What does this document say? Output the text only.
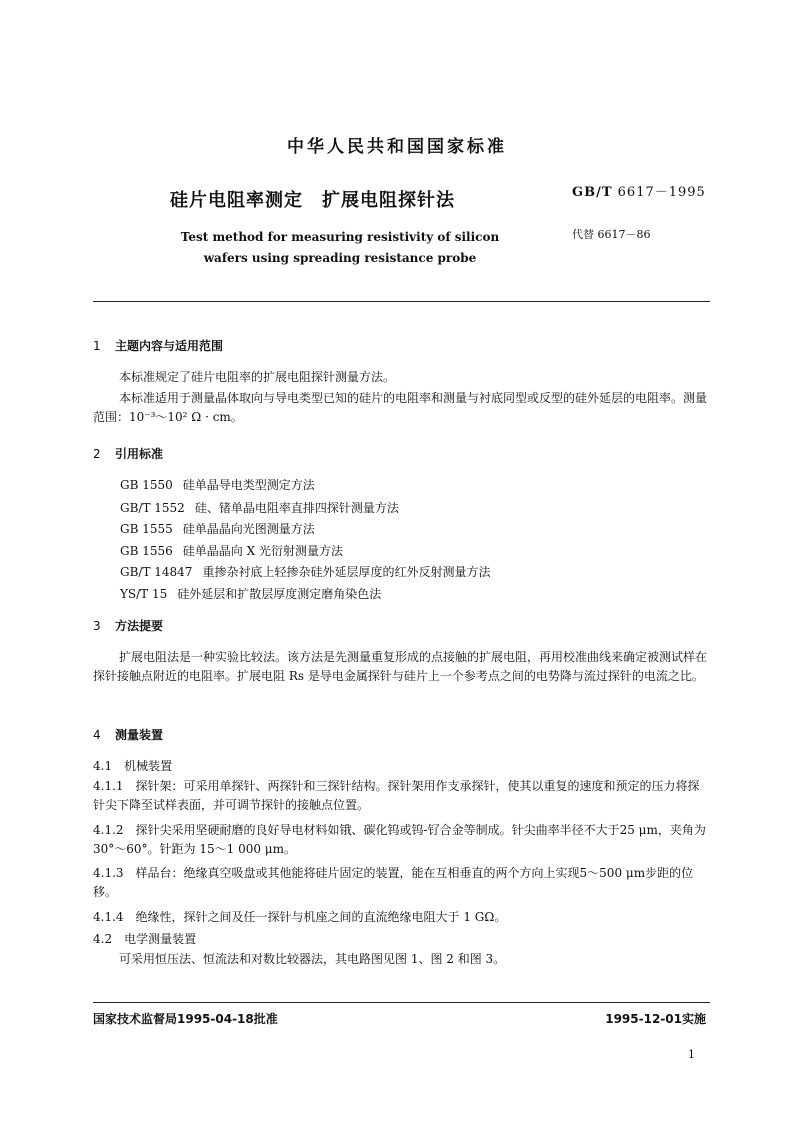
中华人民共和国国家标准
硅片电阻率测定　扩展电阻探针法	GB/T 6617－1995
代替 6617－86
Test method for measuring resistivity of silicon
wafers using spreading resistance probe
1 主题内容与适用范围
本标准规定了硅片电阻率的扩展电阻探针测量方法。
本标准适用于测量晶体取向与导电类型已知的硅片的电阻率和测量与衬底同型或反型的硅外延层的电阻率。测量范围：10⁻³～10² Ω · cm。
2 引用标准
GB 1550 硅单晶导电类型测定方法
GB/T 1552 硅、锗单晶电阻率直排四探针测量方法
GB 1555 硅单晶晶向光图测量方法
GB 1556 硅单晶晶向 X 光衍射测量方法
GB/T 14847 重掺杂衬底上轻掺杂硅外延层厚度的红外反射测量方法
YS/T 15 硅外延层和扩散层厚度测定磨角染色法
3 方法提要
扩展电阻法是一种实验比较法。该方法是先测量重复形成的点接触的扩展电阻，再用校准曲线来确定被测试样在探针接触点附近的电阻率。扩展电阻 Rs 是导电金属探针与硅片上一个参考点之间的电势降与流过探针的电流之比。
4 测量装置
4.1　机械装置
4.1.1　探针架：可采用单探针、两探针和三探针结构。探针架用作支承探针，使其以重复的速度和预定的压力将探针尖下降至试样表面，并可调节探针的接触点位置。
4.1.2　探针尖采用坚硬耐磨的良好导电材料如锇、碳化钨或钨-钌合金等制成。针尖曲率半径不大于25 μm，夹角为 30°～60°。针距为 15～1 000 μm。
4.1.3　样品台：绝缘真空吸盘或其他能将硅片固定的装置，能在互相垂直的两个方向上实现5～500 μm步距的位移。
4.1.4　绝缘性，探针之间及任一探针与机座之间的直流绝缘电阻大于 1 GΩ。
4.2　电学测量装置
可采用恒压法、恒流法和对数比较器法，其电路图见图 1、图 2 和图 3。
国家技术监督局1995-04-18批准	1995-12-01实施
1
